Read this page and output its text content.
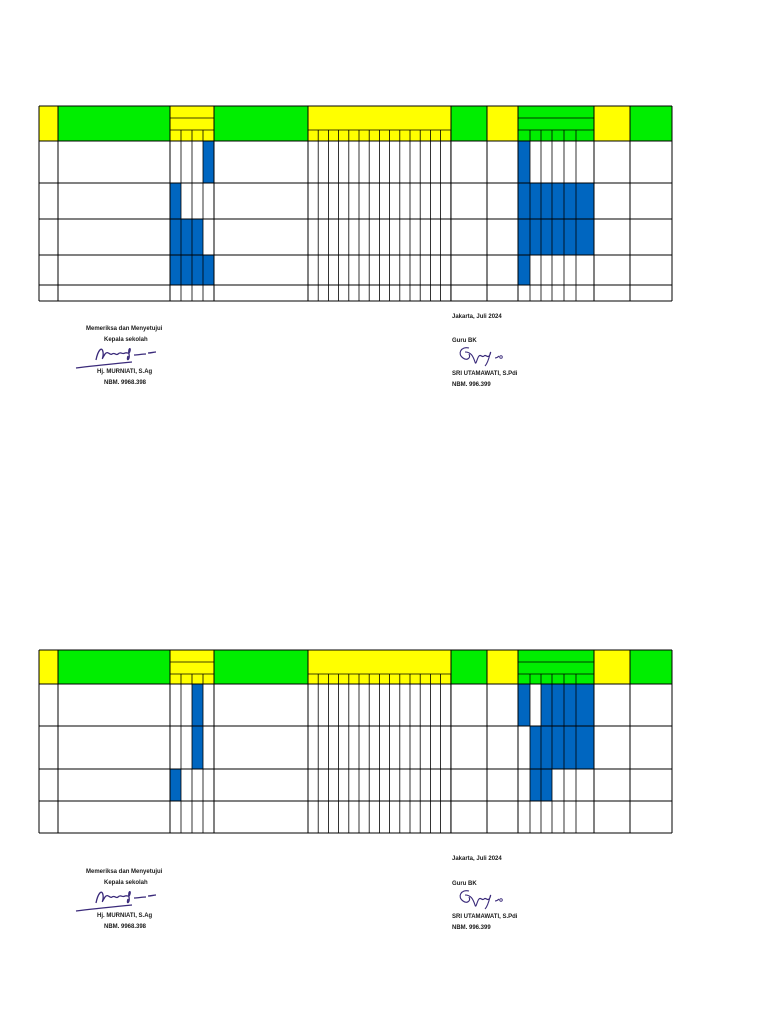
Memeriksa dan Menyetujui
Kepala sekolah
Hj. MURNIATI, S.Ag
NBM. 9968.398
Jakarta, Juli 2024
Guru BK
SRI UTAMAWATI, S.Pdi
NBM. 996.399
Memeriksa dan Menyetujui
Kepala sekolah
Hj. MURNIATI, S.Ag
NBM. 9968.398
Jakarta, Juli 2024
Guru BK
SRI UTAMAWATI, S.Pdi
NBM. 996.399
